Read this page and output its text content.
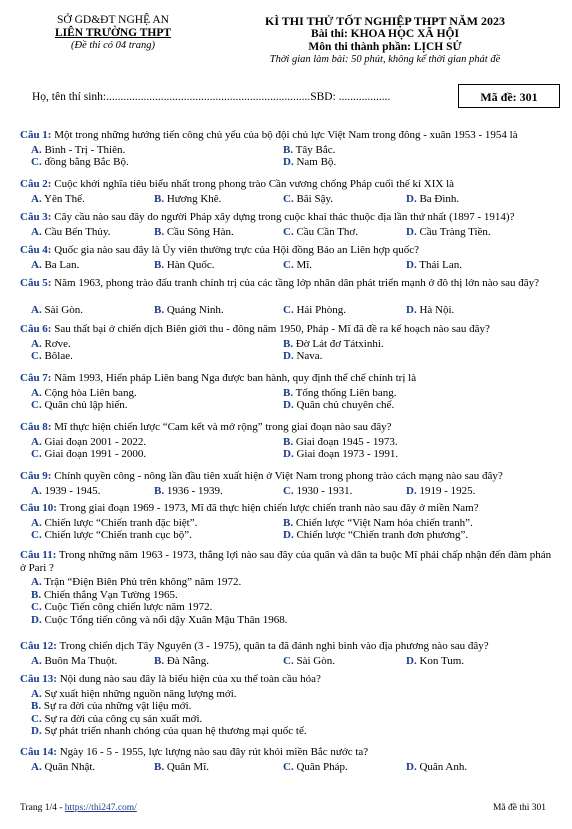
SỞ GD&ĐT NGHỆ AN
LIÊN TRƯỜNG THPT
(Đề thi có 04 trang)
KÌ THI THỬ TỐT NGHIỆP THPT NĂM 2023
Bài thi: KHOA HỌC XÃ HỘI
Môn thi thành phần: LỊCH SỬ
Thời gian làm bài: 50 phút, không kể thời gian phát đề
Họ, tên thí sinh:.......................................................................SBD: ..................	Mã đề: 301
Câu 1: Một trong những hướng tiến công chủ yếu của bộ đội chủ lực Việt Nam trong đông - xuân 1953 - 1954 là
A. Bình - Trị - Thiên.	B. Tây Bắc.
C. đồng bằng Bắc Bộ.	D. Nam Bộ.
Câu 2: Cuộc khởi nghĩa tiêu biểu nhất trong phong trào Cần vương chống Pháp cuối thế kỉ XIX là
A. Yên Thế.	B. Hương Khê.	C. Bãi Sậy.	D. Ba Đình.
Câu 3: Cây cầu nào sau đây do người Pháp xây dựng trong cuộc khai thác thuộc địa lần thứ nhất (1897 - 1914)?
A. Cầu Bến Thủy.	B. Cầu Sông Hàn.	C. Cầu Cần Thơ.	D. Cầu Tràng Tiền.
Câu 4: Quốc gia nào sau đây là Ủy viên thường trực của Hội đồng Bảo an Liên hợp quốc?
A. Ba Lan.	B. Hàn Quốc.	C. Mĩ.	D. Thái Lan.
Câu 5: Năm 1963, phong trào đấu tranh chính trị của các tầng lớp nhân dân phát triển mạnh ở đô thị lớn nào sau đây?
A. Sài Gòn.	B. Quảng Ninh.	C. Hải Phòng.	D. Hà Nội.
Câu 6: Sau thất bại ở chiến dịch Biên giới thu - đông năm 1950, Pháp - Mĩ đã đề ra kế hoạch nào sau đây?
A. Rơve.	B. Đờ Lát đơ Tátxinhi.
C. Bôlae.	D. Nava.
Câu 7: Năm 1993, Hiến pháp Liên bang Nga được ban hành, quy định thể chế chính trị là
A. Cộng hòa Liên bang.	B. Tổng thống Liên bang.
C. Quân chủ lập hiến.	D. Quân chủ chuyên chế.
Câu 8: Mĩ thực hiện chiến lược “Cam kết và mở rộng” trong giai đoạn nào sau đây?
A. Giai đoạn 2001 - 2022.	B. Giai đoạn 1945 - 1973.
C. Giai đoạn 1991 - 2000.	D. Giai đoạn 1973 - 1991.
Câu 9: Chính quyền công - nông lần đầu tiên xuất hiện ở Việt Nam trong phong trào cách mạng nào sau đây?
A. 1939 - 1945.	B. 1936 - 1939.	C. 1930 - 1931.	D. 1919 - 1925.
Câu 10: Trong giai đoạn 1969 - 1973, Mĩ đã thực hiện chiến lược chiến tranh nào sau đây ở miền Nam?
A. Chiến lược “Chiến tranh đặc biệt”.	B. Chiến lược “Việt Nam hóa chiến tranh”.
C. Chiến lược “Chiến tranh cục bộ”.	D. Chiến lược “Chiến tranh đơn phương”.
Câu 11: Trong những năm 1963 - 1973, thắng lợi nào sau đây của quân và dân ta buộc Mĩ phải chấp nhận đến đàm phán ở Pari ?
A. Trận “Điện Biên Phủ trên không” năm 1972.
B. Chiến thắng Vạn Tường 1965.
C. Cuộc Tiến công chiến lược năm 1972.
D. Cuộc Tổng tiến công và nổi dậy Xuân Mậu Thân 1968.
Câu 12: Trong chiến dịch Tây Nguyên (3 - 1975), quân ta đã đánh nghi binh vào địa phương nào sau đây?
A. Buôn Ma Thuột.	B. Đà Nẵng.	C. Sài Gòn.	D. Kon Tum.
Câu 13: Nội dung nào sau đây là biểu hiện của xu thế toàn cầu hóa?
A. Sự xuất hiện những nguồn năng lượng mới.
B. Sự ra đời của những vật liệu mới.
C. Sự ra đời của công cụ sản xuất mới.
D. Sự phát triển nhanh chóng của quan hệ thương mại quốc tế.
Câu 14: Ngày 16 - 5 - 1955, lực lượng nào sau đây rút khỏi miền Bắc nước ta?
A. Quân Nhật.	B. Quân Mĩ.	C. Quân Pháp.	D. Quân Anh.
Trang 1/4 - https://thi247.com/	Mã đề thi 301
